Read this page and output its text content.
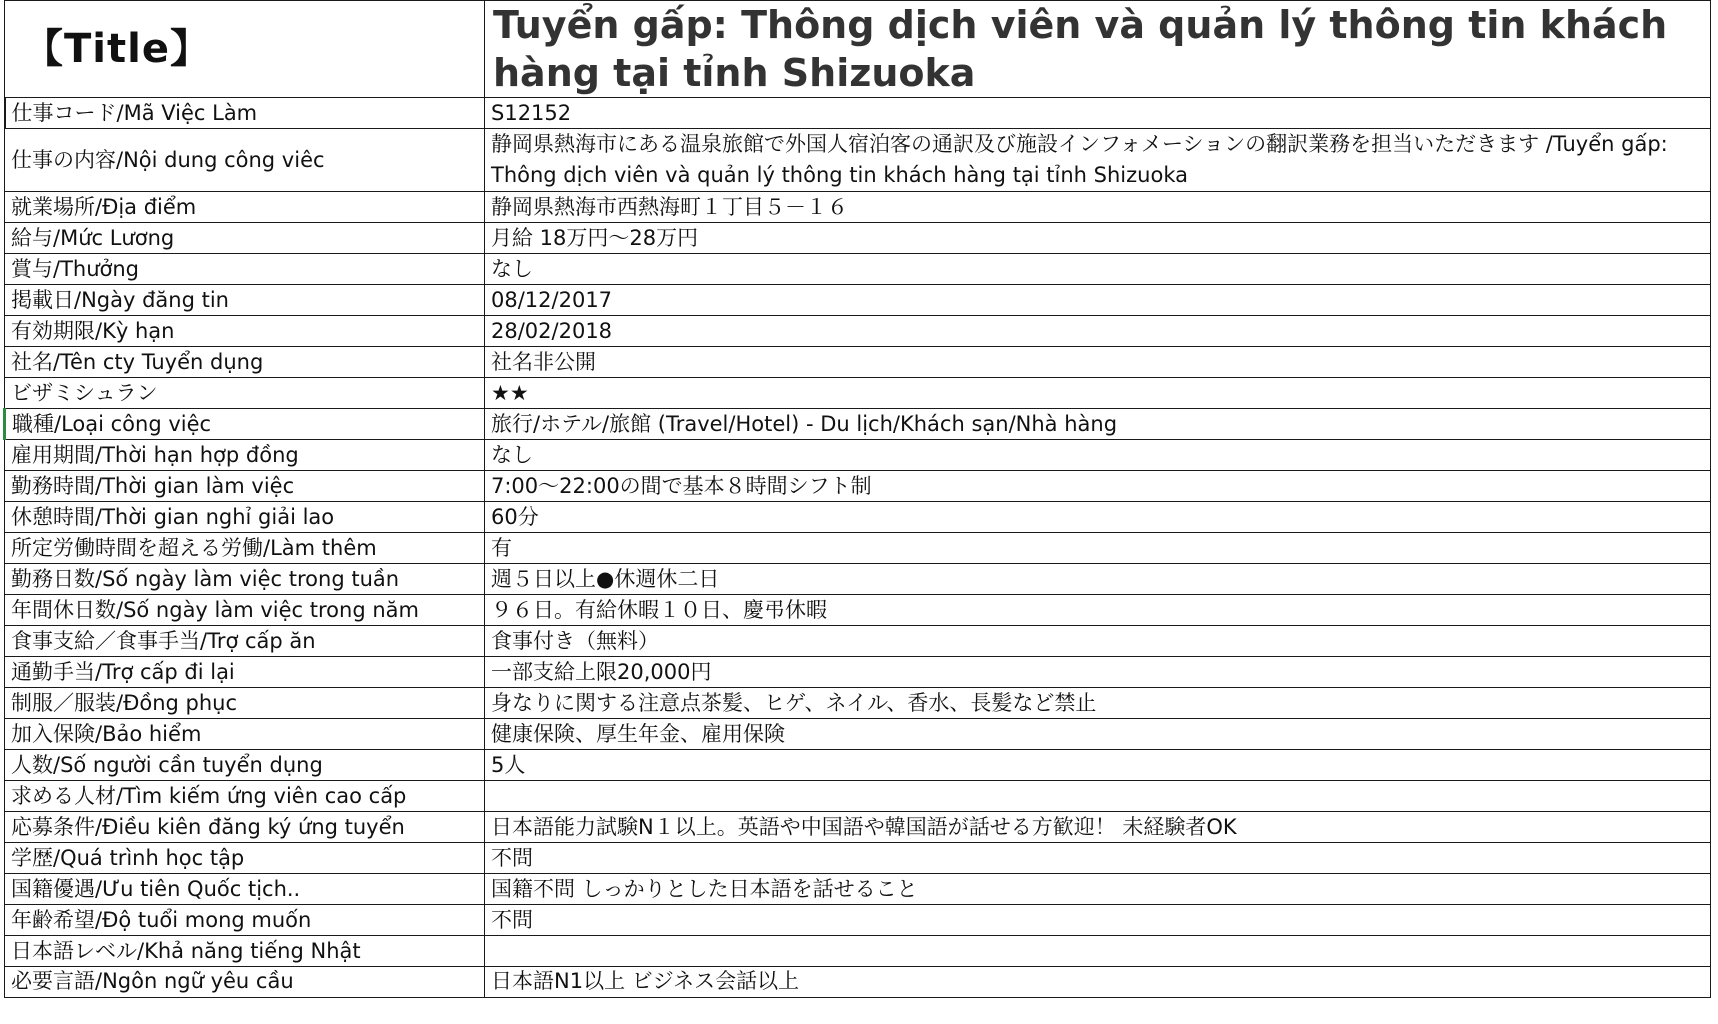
【Title】	Tuyển gấp: Thông dịch viên và quản lý thông tin khách hàng tại tỉnh Shizuoka
仕事コード/Mã Việc Làm	S12152
仕事の内容/Nội dung công viêc	静岡県熱海市にある温泉旅館で外国人宿泊客の通訳及び施設インフォメーションの翻訳業務を担当いただきます /Tuyển gấp: Thông dịch viên và quản lý thông tin khách hàng tại tỉnh Shizuoka
就業場所/Địa điểm	静岡県熱海市西熱海町１丁目５－１６
給与/Mức Lương	月給 18万円～28万円
賞与/Thưởng	なし
掲載日/Ngày đăng tin	08/12/2017
有効期限/Kỳ hạn	28/02/2018
社名/Tên cty Tuyển dụng	社名非公開
ビザミシュラン	★★
職種/Loại công việc	旅行/ホテル/旅館 (Travel/Hotel) - Du lịch/Khách sạn/Nhà hàng
雇用期間/Thời hạn hợp đồng	なし
勤務時間/Thời gian làm việc	7:00～22:00の間で基本８時間シフト制
休憩時間/Thời gian nghỉ giải lao	60分
所定労働時間を超える労働/Làm thêm	有
勤務日数/Số ngày làm việc trong tuần	週５日以上●休週休二日
年間休日数/Số ngày làm việc trong năm	９６日。有給休暇１０日、慶弔休暇
食事支給／食事手当/Trợ cấp ăn	食事付き（無料）
通勤手当/Trợ cấp đi lại	一部支給上限20,000円
制服／服装/Đồng phục	身なりに関する注意点茶髪、ヒゲ、ネイル、香水、長髪など禁止
加入保険/Bảo hiểm	健康保険、厚生年金、雇用保険
人数/Số người cần tuyển dụng	5人
求める人材/Tìm kiếm ứng viên cao cấp	
応募条件/Điều kiên đăng ký ứng tuyển	日本語能力試験N１以上。英語や中国語や韓国語が話せる方歓迎！ 未経験者OK
学歴/Quá trình học tập	不問
国籍優遇/Ưu tiên Quốc tịch..	国籍不問 しっかりとした日本語を話せること
年齢希望/Độ tuổi mong muốn	不問
日本語レベル/Khả năng tiếng Nhật	
必要言語/Ngôn ngữ yêu cầu	日本語N1以上 ビジネス会話以上
